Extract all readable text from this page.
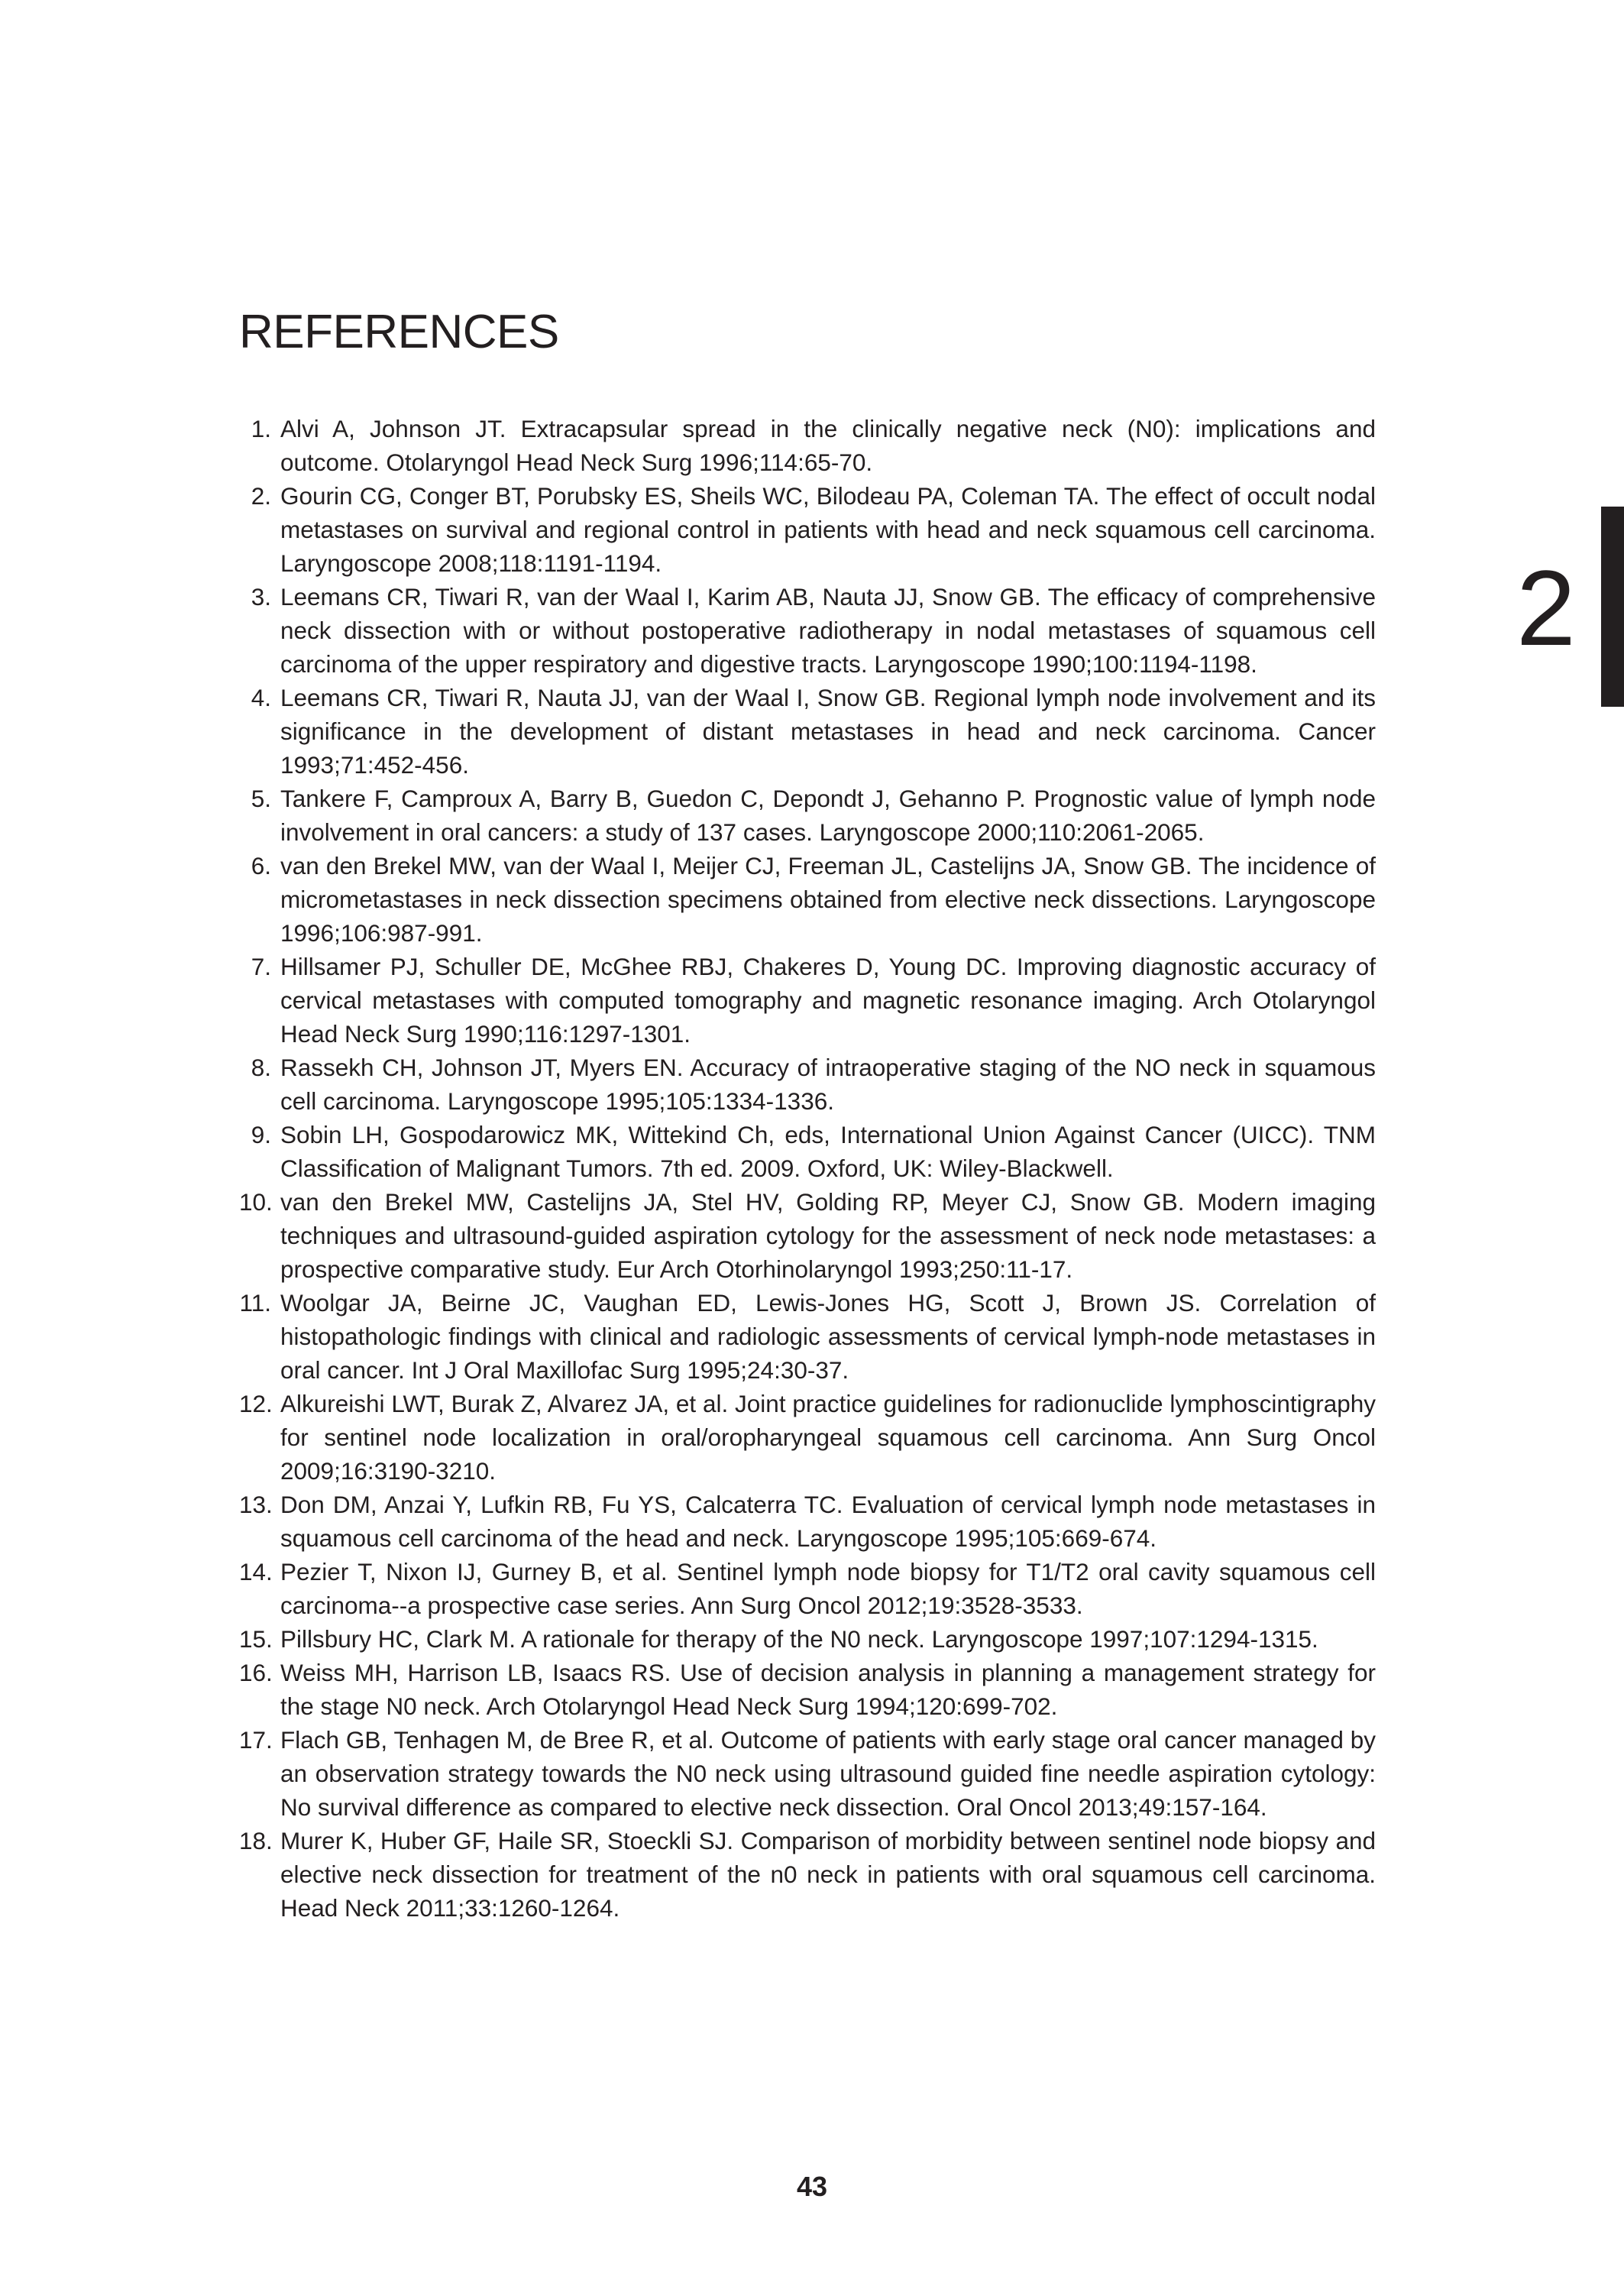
REFERENCES
1. Alvi A, Johnson JT. Extracapsular spread in the clinically negative neck (N0): implications and outcome. Otolaryngol Head Neck Surg 1996;114:65-70.
2. Gourin CG, Conger BT, Porubsky ES, Sheils WC, Bilodeau PA, Coleman TA. The effect of occult nodal metastases on survival and regional control in patients with head and neck squamous cell carcinoma. Laryngoscope 2008;118:1191-1194.
3. Leemans CR, Tiwari R, van der Waal I, Karim AB, Nauta JJ, Snow GB. The efficacy of comprehensive neck dissection with or without postoperative radiotherapy in nodal metastases of squamous cell carcinoma of the upper respiratory and digestive tracts. Laryngoscope 1990;100:1194-1198.
4. Leemans CR, Tiwari R, Nauta JJ, van der Waal I, Snow GB. Regional lymph node involvement and its significance in the development of distant metastases in head and neck carcinoma. Cancer 1993;71:452-456.
5. Tankere F, Camproux A, Barry B, Guedon C, Depondt J, Gehanno P. Prognostic value of lymph node involvement in oral cancers: a study of 137 cases. Laryngoscope 2000;110:2061-2065.
6. van den Brekel MW, van der Waal I, Meijer CJ, Freeman JL, Castelijns JA, Snow GB. The incidence of micrometastases in neck dissection specimens obtained from elective neck dissections. Laryngoscope 1996;106:987-991.
7. Hillsamer PJ, Schuller DE, McGhee RBJ, Chakeres D, Young DC. Improving diagnostic accuracy of cervical metastases with computed tomography and magnetic resonance imaging. Arch Otolaryngol Head Neck Surg 1990;116:1297-1301.
8. Rassekh CH, Johnson JT, Myers EN. Accuracy of intraoperative staging of the NO neck in squamous cell carcinoma. Laryngoscope 1995;105:1334-1336.
9. Sobin LH, Gospodarowicz MK, Wittekind Ch, eds, International Union Against Cancer (UICC). TNM Classification of Malignant Tumors. 7th ed. 2009. Oxford, UK: Wiley-Blackwell.
10. van den Brekel MW, Castelijns JA, Stel HV, Golding RP, Meyer CJ, Snow GB. Modern imaging techniques and ultrasound-guided aspiration cytology for the assessment of neck node metastases: a prospective comparative study. Eur Arch Otorhinolaryngol 1993;250:11-17.
11. Woolgar JA, Beirne JC, Vaughan ED, Lewis-Jones HG, Scott J, Brown JS. Correlation of histopathologic findings with clinical and radiologic assessments of cervical lymph-node metastases in oral cancer. Int J Oral Maxillofac Surg 1995;24:30-37.
12. Alkureishi LWT, Burak Z, Alvarez JA, et al. Joint practice guidelines for radionuclide lymphoscintigraphy for sentinel node localization in oral/oropharyngeal squamous cell carcinoma. Ann Surg Oncol 2009;16:3190-3210.
13. Don DM, Anzai Y, Lufkin RB, Fu YS, Calcaterra TC. Evaluation of cervical lymph node metastases in squamous cell carcinoma of the head and neck. Laryngoscope 1995;105:669-674.
14. Pezier T, Nixon IJ, Gurney B, et al. Sentinel lymph node biopsy for T1/T2 oral cavity squamous cell carcinoma--a prospective case series. Ann Surg Oncol 2012;19:3528-3533.
15. Pillsbury HC, Clark M. A rationale for therapy of the N0 neck. Laryngoscope 1997;107:1294-1315.
16. Weiss MH, Harrison LB, Isaacs RS. Use of decision analysis in planning a management strategy for the stage N0 neck. Arch Otolaryngol Head Neck Surg 1994;120:699-702.
17. Flach GB, Tenhagen M, de Bree R, et al. Outcome of patients with early stage oral cancer managed by an observation strategy towards the N0 neck using ultrasound guided fine needle aspiration cytology: No survival difference as compared to elective neck dissection. Oral Oncol 2013;49:157-164.
18. Murer K, Huber GF, Haile SR, Stoeckli SJ. Comparison of morbidity between sentinel node biopsy and elective neck dissection for treatment of the n0 neck in patients with oral squamous cell carcinoma. Head Neck 2011;33:1260-1264.
2
43
